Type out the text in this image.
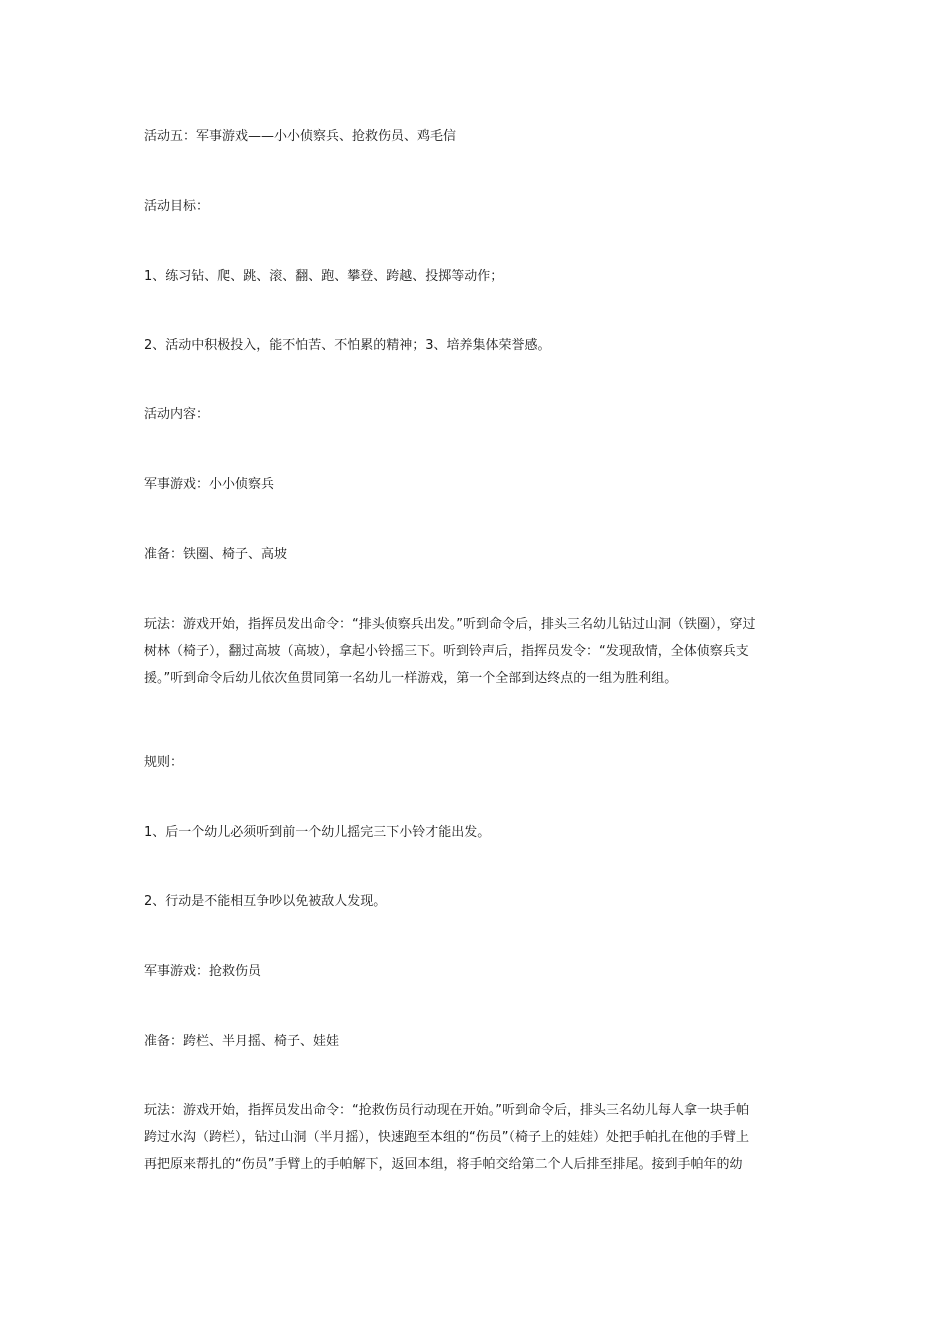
活动五：军事游戏——小小侦察兵、抢救伤员、鸡毛信
活动目标：
1、练习钻、爬、跳、滚、翻、跑、攀登、跨越、投掷等动作；
2、活动中积极投入，能不怕苦、不怕累的精神；3、培养集体荣誉感。
活动内容：
军事游戏：小小侦察兵
准备：铁圈、椅子、高坡
玩法：游戏开始，指挥员发出命令：“排头侦察兵出发。”听到命令后，排头三名幼儿钻过山洞（铁圈），穿过
树林（椅子），翻过高坡（高坡），拿起小铃摇三下。听到铃声后，指挥员发令：“发现敌情，全体侦察兵支
援。”听到命令后幼儿依次鱼贯同第一名幼儿一样游戏，第一个全部到达终点的一组为胜利组。
规则：
1、后一个幼儿必须听到前一个幼儿摇完三下小铃才能出发。
2、行动是不能相互争吵以免被敌人发现。
军事游戏：抢救伤员
准备：跨栏、半月摇、椅子、娃娃
玩法：游戏开始，指挥员发出命令：“抢救伤员行动现在开始。”听到命令后，排头三名幼儿每人拿一块手帕
跨过水沟（跨栏），钻过山洞（半月摇），快速跑至本组的“伤员”（椅子上的娃娃）处把手帕扎在他的手臂上
再把原来帮扎的“伤员”手臂上的手帕解下，返回本组，将手帕交给第二个人后排至排尾。接到手帕年的幼
